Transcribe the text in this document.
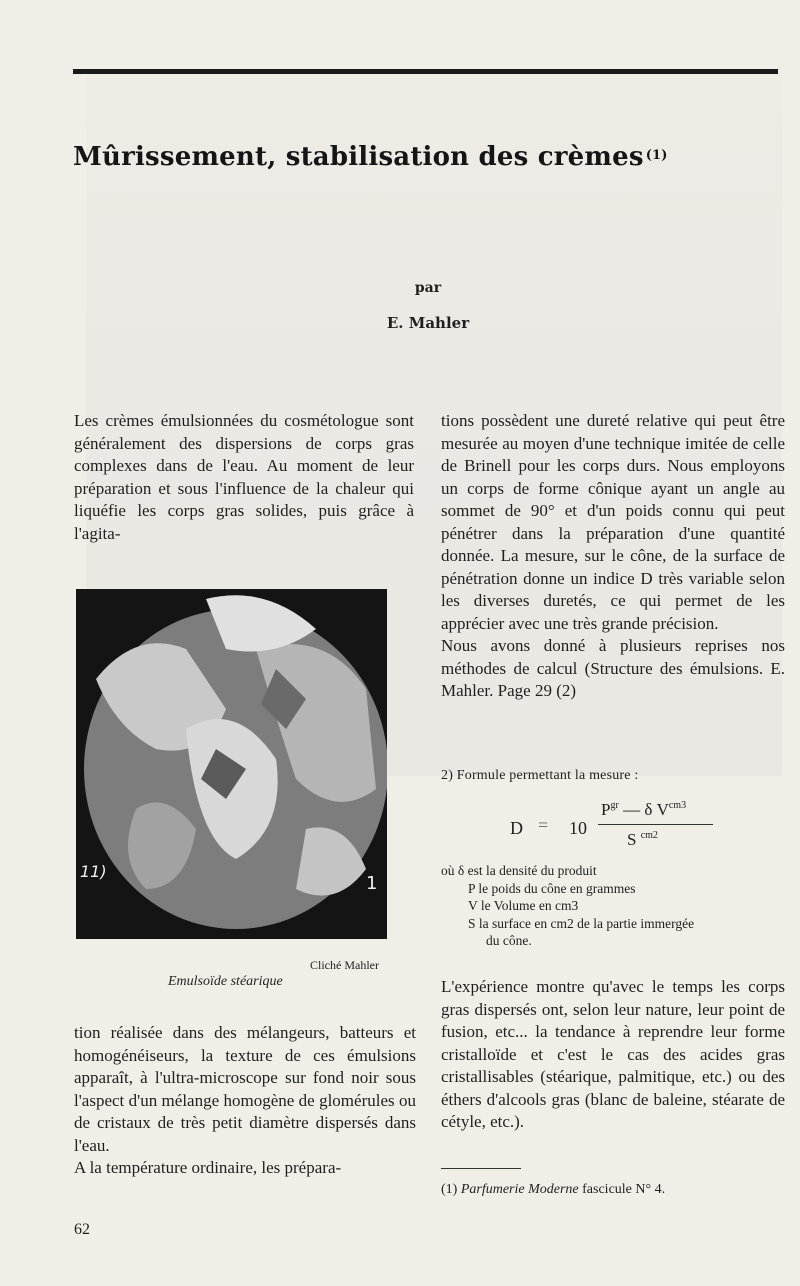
Mûrissement, stabilisation des crèmes $^{(1)}$
par
E. Mahler

Les crèmes émulsionnées du cosmétologue sont généralement des dispersions de corps gras complexes dans de l'eau. Au moment de leur préparation et sous l'influence de la chaleur qui liquéfie les corps gras solides, puis grâce à l'agita-

11)
1
Cliché Mahler
Emulsoïde stéarique

tion réalisée dans des mélangeurs, batteurs et homogénéiseurs, la texture de ces émulsions apparaît, à l'ultra-microscope sur fond noir sous l'aspect d'un mélange homogène de glomérules ou de cristaux de très petit diamètre dispersés dans l'eau.

A la température ordinaire, les prépara-

tions possèdent une dureté relative qui peut être mesurée au moyen d'une technique imitée de celle de Brinell pour les corps durs. Nous employons un corps de forme cônique ayant un angle au sommet de 90° et d'un poids connu qui peut pénétrer dans la préparation d'une quantité donnée. La mesure, sur le cône, de la surface de pénétration donne un indice D très variable selon les diverses duretés, ce qui permet de les apprécier avec une très grande précision.

Nous avons donné à plusieurs reprises nos méthodes de calcul (Structure des émulsions. E. Mahler. Page 29 (2)

2) Formule permettant la mesure :
D = 10
$P^{gr}$ — δ $V^{cm3}$
S $^{cm2}$
où δ est la densité du produit
P le poids du cône en grammes
V le Volume en cm3
S la surface en cm2 de la partie immergée
du cône.

L'expérience montre qu'avec le temps les corps gras dispersés ont, selon leur nature, leur point de fusion, etc... la tendance à reprendre leur forme cristalloïde et c'est le cas des acides gras cristallisables (stéarique, palmitique, etc.) ou des éthers d'alcools gras (blanc de baleine, stéarate de cétyle, etc.).

(1) Parfumerie Moderne fascicule N° 4.
62
